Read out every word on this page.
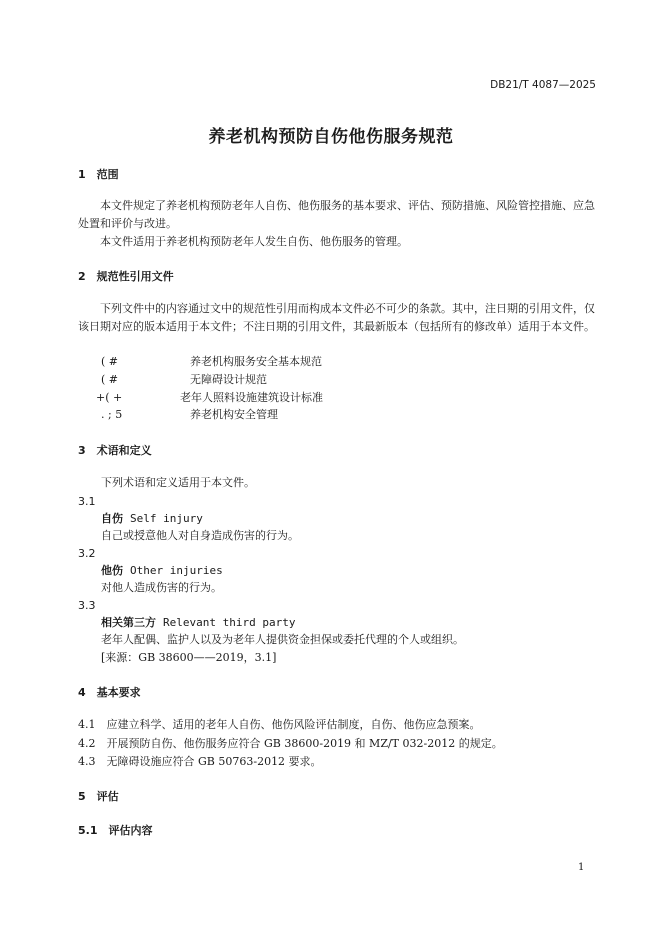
DB21/T 4087—2025
养老机构预防自伤他伤服务规范
1　范围
本文件规定了养老机构预防老年人自伤、他伤服务的基本要求、评估、预防措施、风险管控措施、应急处置和评价与改进。
本文件适用于养老机构预防老年人发生自伤、他伤服务的管理。
2　规范性引用文件
下列文件中的内容通过文中的规范性引用而构成本文件必不可少的条款。其中，注日期的引用文件，仅该日期对应的版本适用于本文件；不注日期的引用文件，其最新版本（包括所有的修改单）适用于本文件。
( #	养老机构服务安全基本规范
( #	无障碍设计规范
+( +	老年人照料设施建筑设计标准
. ; 5	养老机构安全管理
3　术语和定义
下列术语和定义适用于本文件。
3.1
自伤 Self injury
自己或授意他人对自身造成伤害的行为。
3.2
他伤 Other injuries
对他人造成伤害的行为。
3.3
相关第三方 Relevant third party
老年人配偶、监护人以及为老年人提供资金担保或委托代理的个人或组织。
[来源：GB 38600——2019，3.1]
4　基本要求
4.1　应建立科学、适用的老年人自伤、他伤风险评估制度，自伤、他伤应急预案。
4.2　开展预防自伤、他伤服务应符合 GB 38600-2019 和 MZ/T 032-2012 的规定。
4.3　无障碍设施应符合 GB 50763-2012 要求。
5　评估
5.1　评估内容
1
